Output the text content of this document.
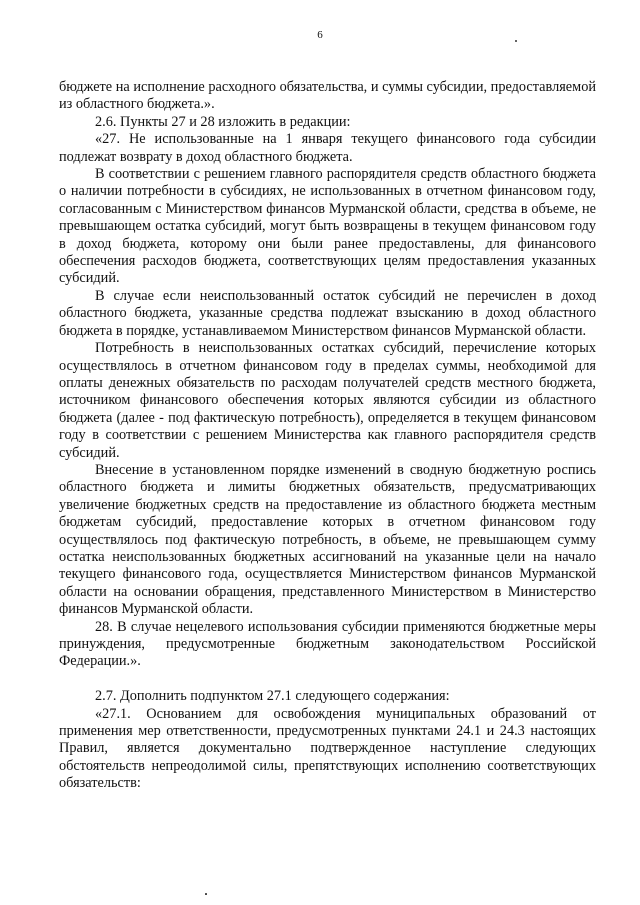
6

бюджете на исполнение расходного обязательства, и суммы субсидии, предоставляемой из областного бюджета.».

2.6. Пункты 27 и 28 изложить в редакции:

«27. Не использованные на 1 января текущего финансового года субсидии подлежат возврату в доход областного бюджета.

В соответствии с решением главного распорядителя средств областного бюджета о наличии потребности в субсидиях, не использованных в отчетном финансовом году, согласованным с Министерством финансов Мурманской области, средства в объеме, не превышающем остатка субсидий, могут быть возвращены в текущем финансовом году в доход бюджета, которому они были ранее предоставлены, для финансового обеспечения расходов бюджета, соответствующих целям предоставления указанных субсидий.

В случае если неиспользованный остаток субсидий не перечислен в доход областного бюджета, указанные средства подлежат взысканию в доход областного бюджета в порядке, устанавливаемом Министерством финансов Мурманской области.

Потребность в неиспользованных остатках субсидий, перечисление которых осуществлялось в отчетном финансовом году в пределах суммы, необходимой для оплаты денежных обязательств по расходам получателей средств местного бюджета, источником финансового обеспечения которых являются субсидии из областного бюджета (далее - под фактическую потребность), определяется в текущем финансовом году в соответствии с решением Министерства как главного распорядителя средств субсидий.

Внесение в установленном порядке изменений в сводную бюджетную роспись областного бюджета и лимиты бюджетных обязательств, предусматривающих увеличение бюджетных средств на предоставление из областного бюджета местным бюджетам субсидий, предоставление которых в отчетном финансовом году осуществлялось под фактическую потребность, в объеме, не превышающем сумму остатка неиспользованных бюджетных ассигнований на указанные цели на начало текущего финансового года, осуществляется Министерством финансов Мурманской области на основании обращения, представленного Министерством в Министерство финансов Мурманской области.

28. В случае нецелевого использования субсидии применяются бюджетные меры принуждения, предусмотренные бюджетным законодательством Российской Федерации.».

2.7. Дополнить подпунктом 27.1 следующего содержания:

«27.1. Основанием для освобождения муниципальных образований от применения мер ответственности, предусмотренных пунктами 24.1 и 24.3 настоящих Правил, является документально подтвержденное наступление следующих обстоятельств непреодолимой силы, препятствующих исполнению соответствующих обязательств:
